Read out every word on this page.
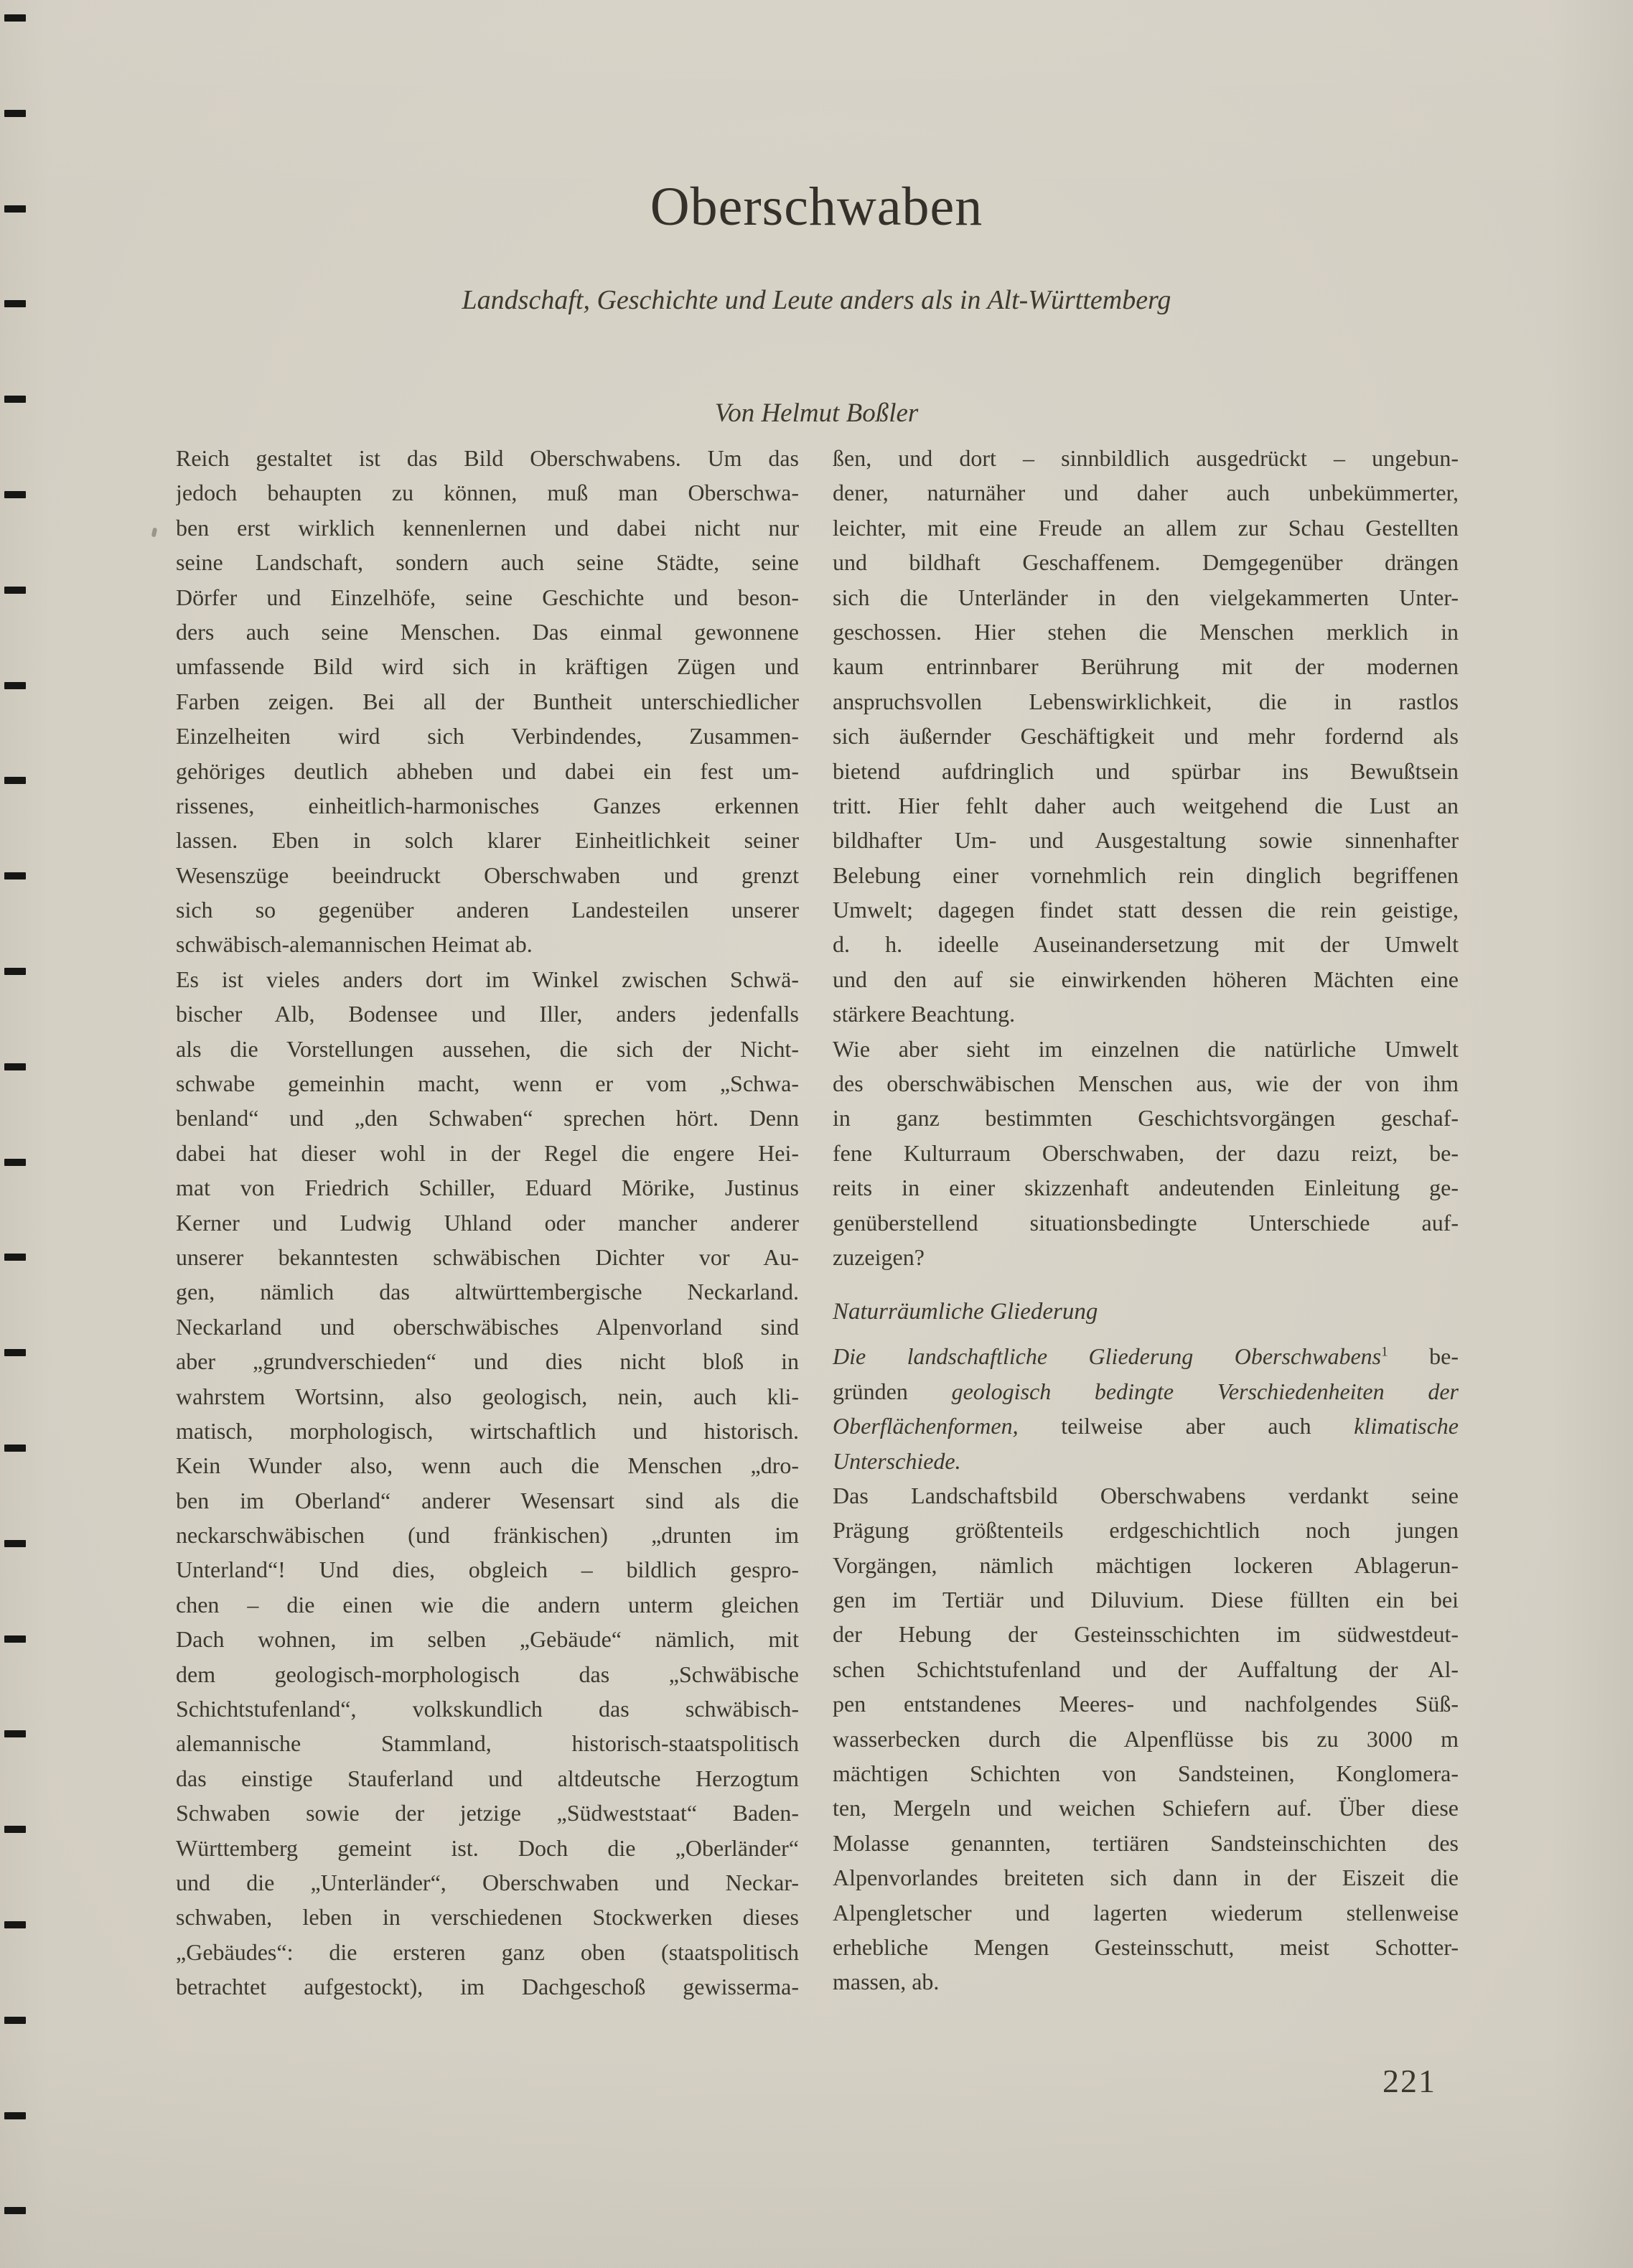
Oberschwaben
Landschaft, Geschichte und Leute anders als in Alt-Württemberg
Von Helmut Boßler
Reich gestaltet ist das Bild Oberschwabens. Um das
jedoch behaupten zu können, muß man Oberschwa-
ben erst wirklich kennenlernen und dabei nicht nur
seine Landschaft, sondern auch seine Städte, seine
Dörfer und Einzelhöfe, seine Geschichte und beson-
ders auch seine Menschen. Das einmal gewonnene
umfassende Bild wird sich in kräftigen Zügen und
Farben zeigen. Bei all der Buntheit unterschiedlicher
Einzelheiten wird sich Verbindendes, Zusammen-
gehöriges deutlich abheben und dabei ein fest um-
rissenes, einheitlich-harmonisches Ganzes erkennen
lassen. Eben in solch klarer Einheitlichkeit seiner
Wesenszüge beeindruckt Oberschwaben und grenzt
sich so gegenüber anderen Landesteilen unserer
schwäbisch-alemannischen Heimat ab.
Es ist vieles anders dort im Winkel zwischen Schwä-
bischer Alb, Bodensee und Iller, anders jedenfalls
als die Vorstellungen aussehen, die sich der Nicht-
schwabe gemeinhin macht, wenn er vom „Schwa-
benland“ und „den Schwaben“ sprechen hört. Denn
dabei hat dieser wohl in der Regel die engere Hei-
mat von Friedrich Schiller, Eduard Mörike, Justinus
Kerner und Ludwig Uhland oder mancher anderer
unserer bekanntesten schwäbischen Dichter vor Au-
gen, nämlich das altwürttembergische Neckarland.
Neckarland und oberschwäbisches Alpenvorland sind
aber „grundverschieden“ und dies nicht bloß in
wahrstem Wortsinn, also geologisch, nein, auch kli-
matisch, morphologisch, wirtschaftlich und historisch.
Kein Wunder also, wenn auch die Menschen „dro-
ben im Oberland“ anderer Wesensart sind als die
neckarschwäbischen (und fränkischen) „drunten im
Unterland“! Und dies, obgleich – bildlich gespro-
chen – die einen wie die andern unterm gleichen
Dach wohnen, im selben „Gebäude“ nämlich, mit
dem geologisch-morphologisch das „Schwäbische
Schichtstufenland“, volkskundlich das schwäbisch-
alemannische Stammland, historisch-staatspolitisch
das einstige Stauferland und altdeutsche Herzogtum
Schwaben sowie der jetzige „Südweststaat“ Baden-
Württemberg gemeint ist. Doch die „Oberländer“
und die „Unterländer“, Oberschwaben und Neckar-
schwaben, leben in verschiedenen Stockwerken dieses
„Gebäudes“: die ersteren ganz oben (staatspolitisch
betrachtet aufgestockt), im Dachgeschoß gewisserma-
ßen, und dort – sinnbildlich ausgedrückt – ungebun-
dener, naturnäher und daher auch unbekümmerter,
leichter, mit eine Freude an allem zur Schau Gestellten
und bildhaft Geschaffenem. Demgegenüber drängen
sich die Unterländer in den vielgekammerten Unter-
geschossen. Hier stehen die Menschen merklich in
kaum entrinnbarer Berührung mit der modernen
anspruchsvollen Lebenswirklichkeit, die in rastlos
sich äußernder Geschäftigkeit und mehr fordernd als
bietend aufdringlich und spürbar ins Bewußtsein
tritt. Hier fehlt daher auch weitgehend die Lust an
bildhafter Um- und Ausgestaltung sowie sinnenhafter
Belebung einer vornehmlich rein dinglich begriffenen
Umwelt; dagegen findet statt dessen die rein geistige,
d. h. ideelle Auseinandersetzung mit der Umwelt
und den auf sie einwirkenden höheren Mächten eine
stärkere Beachtung.
Wie aber sieht im einzelnen die natürliche Umwelt
des oberschwäbischen Menschen aus, wie der von ihm
in ganz bestimmten Geschichtsvorgängen geschaf-
fene Kulturraum Oberschwaben, der dazu reizt, be-
reits in einer skizzenhaft andeutenden Einleitung ge-
genüberstellend situationsbedingte Unterschiede auf-
zuzeigen?
Naturräumliche Gliederung
Die landschaftliche Gliederung Oberschwabens$^1$ be-
gründen geologisch bedingte Verschiedenheiten der
Oberflächenformen, teilweise aber auch klimatische
Unterschiede.
Das Landschaftsbild Oberschwabens verdankt seine
Prägung größtenteils erdgeschichtlich noch jungen
Vorgängen, nämlich mächtigen lockeren Ablagerun-
gen im Tertiär und Diluvium. Diese füllten ein bei
der Hebung der Gesteinsschichten im südwestdeut-
schen Schichtstufenland und der Auffaltung der Al-
pen entstandenes Meeres- und nachfolgendes Süß-
wasserbecken durch die Alpenflüsse bis zu 3000 m
mächtigen Schichten von Sandsteinen, Konglomera-
ten, Mergeln und weichen Schiefern auf. Über diese
Molasse genannten, tertiären Sandsteinschichten des
Alpenvorlandes breiteten sich dann in der Eiszeit die
Alpengletscher und lagerten wiederum stellenweise
erhebliche Mengen Gesteinsschutt, meist Schotter-
massen, ab.
221
